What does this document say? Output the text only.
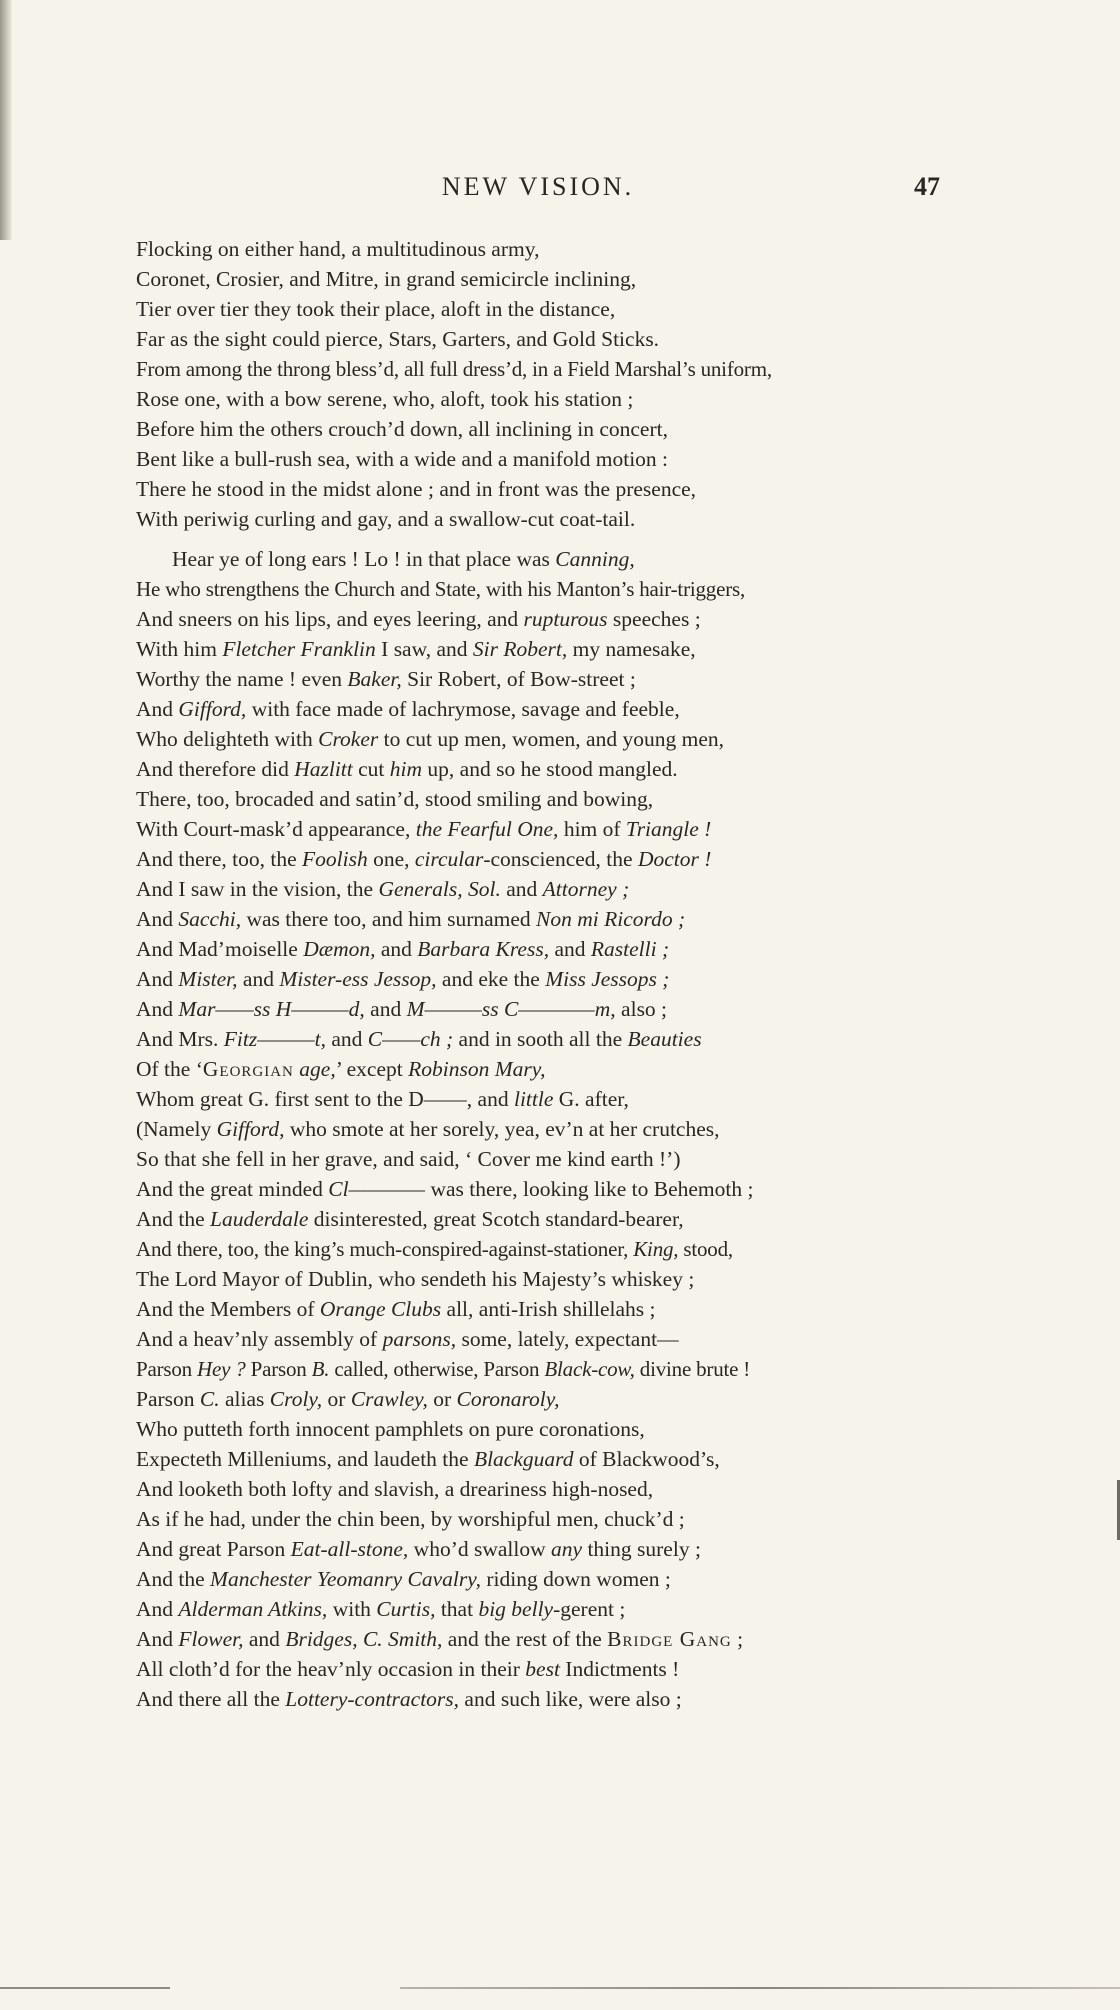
NEW VISION.	47
Flocking on either hand, a multitudinous army,
Coronet, Crosier, and Mitre, in grand semicircle inclining,
Tier over tier they took their place, aloft in the distance,
Far as the sight could pierce, Stars, Garters, and Gold Sticks.
From among the throng bless’d, all full dress’d, in a Field Marshal’s uniform,
Rose one, with a bow serene, who, aloft, took his station ;
Before him the others crouch’d down, all inclining in concert,
Bent like a bull-rush sea, with a wide and a manifold motion :
There he stood in the midst alone ; and in front was the presence,
With periwig curling and gay, and a swallow-cut coat-tail.
Hear ye of long ears ! Lo ! in that place was Canning,
He who strengthens the Church and State, with his Manton’s hair-triggers,
And sneers on his lips, and eyes leering, and rupturous speeches ;
With him Fletcher Franklin I saw, and Sir Robert, my namesake,
Worthy the name ! even Baker, Sir Robert, of Bow-street ;
And Gifford, with face made of lachrymose, savage and feeble,
Who delighteth with Croker to cut up men, women, and young men,
And therefore did Hazlitt cut him up, and so he stood mangled.
There, too, brocaded and satin’d, stood smiling and bowing,
With Court-mask’d appearance, the Fearful One, him of Triangle !
And there, too, the Foolish one, circular-conscienced, the Doctor !
And I saw in the vision, the Generals, Sol. and Attorney ;
And Sacchi, was there too, and him surnamed Non mi Ricordo ;
And Mad’moiselle Dæmon, and Barbara Kress, and Rastelli ;
And Mister, and Mister-ess Jessop, and eke the Miss Jessops ;
And Mar——ss H———d, and M———ss C————m, also ;
And Mrs. Fitz———t, and C——ch ; and in sooth all the Beauties
Of the ‘Georgian age,’ except Robinson Mary,
Whom great G. first sent to the D——, and little G. after,
(Namely Gifford, who smote at her sorely, yea, ev’n at her crutches,
So that she fell in her grave, and said, ‘ Cover me kind earth !’)
And the great minded Cl———— was there, looking like to Behemoth ;
And the Lauderdale disinterested, great Scotch standard-bearer,
And there, too, the king’s much-conspired-against-stationer, King, stood,
The Lord Mayor of Dublin, who sendeth his Majesty’s whiskey ;
And the Members of Orange Clubs all, anti-Irish shillelahs ;
And a heav’nly assembly of parsons, some, lately, expectant—
Parson Hey ? Parson B. called, otherwise, Parson Black-cow, divine brute !
Parson C. alias Croly, or Crawley, or Coronaroly,
Who putteth forth innocent pamphlets on pure coronations,
Expecteth Milleniums, and laudeth the Blackguard of Blackwood’s,
And looketh both lofty and slavish, a dreariness high-nosed,
As if he had, under the chin been, by worshipful men, chuck’d ;
And great Parson Eat-all-stone, who’d swallow any thing surely ;
And the Manchester Yeomanry Cavalry, riding down women ;
And Alderman Atkins, with Curtis, that big belly-gerent ;
And Flower, and Bridges, C. Smith, and the rest of the Bridge Gang ;
All cloth’d for the heav’nly occasion in their best Indictments !
And there all the Lottery-contractors, and such like, were also ;
